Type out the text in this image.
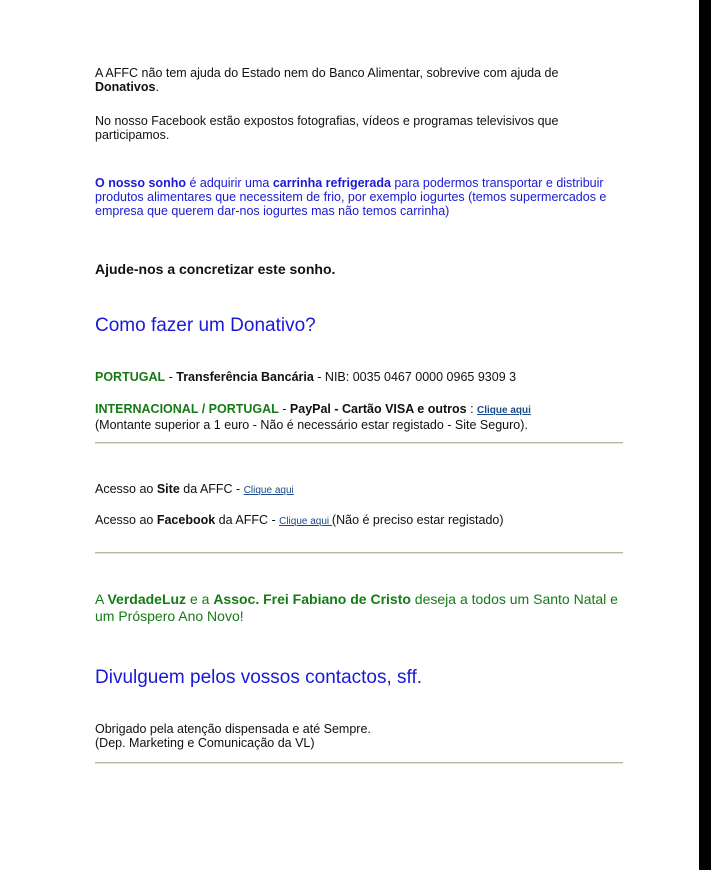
A AFFC não tem ajuda do Estado nem do Banco Alimentar, sobrevive com ajuda de Donativos.

No nosso Facebook estão expostos fotografias, vídeos e programas televisivos que participamos.

O nosso sonho é adquirir uma carrinha refrigerada para podermos transportar e distribuir produtos alimentares que necessitem de frio, por exemplo iogurtes (temos supermercados e empresa que querem dar-nos iogurtes mas não temos carrinha)

Ajude-nos a concretizar este sonho.

Como fazer um Donativo?

PORTUGAL - Transferência Bancária - NIB: 0035 0467 0000 0965 9309 3

INTERNACIONAL / PORTUGAL - PayPal - Cartão VISA e outros : Clique aqui
(Montante superior a 1 euro - Não é necessário estar registado - Site Seguro).

Acesso ao Site da AFFC - Clique aqui

Acesso ao Facebook da AFFC - Clique aqui (Não é preciso estar registado)

A VerdadeLuz e a Assoc. Frei Fabiano de Cristo deseja a todos um Santo Natal e um Próspero Ano Novo!

Divulguem pelos vossos contactos, sff.

Obrigado pela atenção dispensada e até Sempre.
(Dep. Marketing e Comunicação da VL)
